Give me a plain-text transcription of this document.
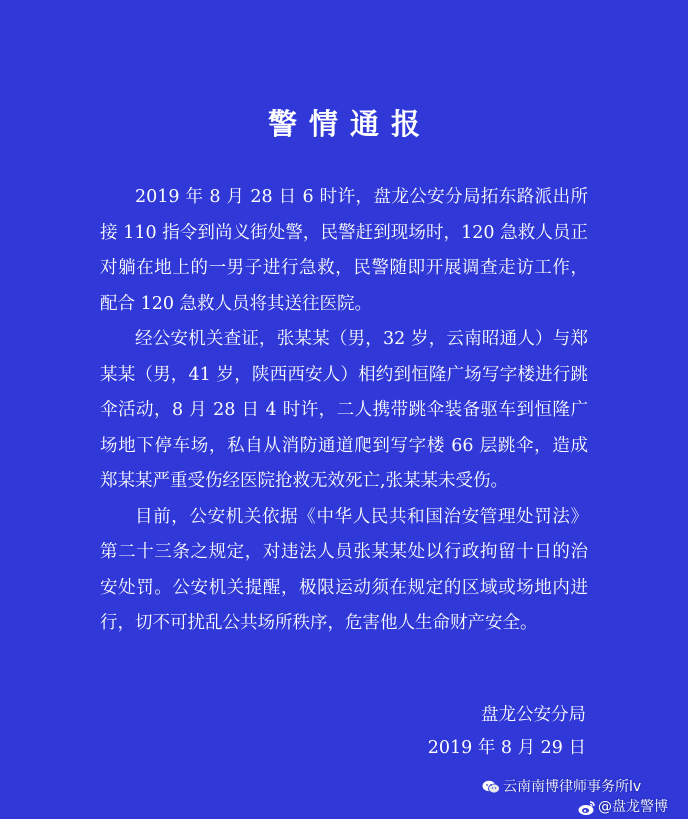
警情通报

2019 年 8 月 28 日 6 时许，盘龙公安分局拓东路派出所接 110 指令到尚义街处警，民警赶到现场时，120 急救人员正对躺在地上的一男子进行急救，民警随即开展调查走访工作，配合 120 急救人员将其送往医院。

经公安机关查证，张某某（男，32 岁，云南昭通人）与郑某某（男，41 岁，陕西西安人）相约到恒隆广场写字楼进行跳伞活动，8 月 28 日 4 时许，二人携带跳伞装备驱车到恒隆广场地下停车场，私自从消防通道爬到写字楼 66 层跳伞，造成郑某某严重受伤经医院抢救无效死亡,张某某未受伤。

目前，公安机关依据《中华人民共和国治安管理处罚法》第二十三条之规定，对违法人员张某某处以行政拘留十日的治安处罚。公安机关提醒，极限运动须在规定的区域或场地内进行，切不可扰乱公共场所秩序，危害他人生命财产安全。

盘龙公安分局
2019 年 8 月 29 日
云南南博律师事务所lv
@盘龙警博
